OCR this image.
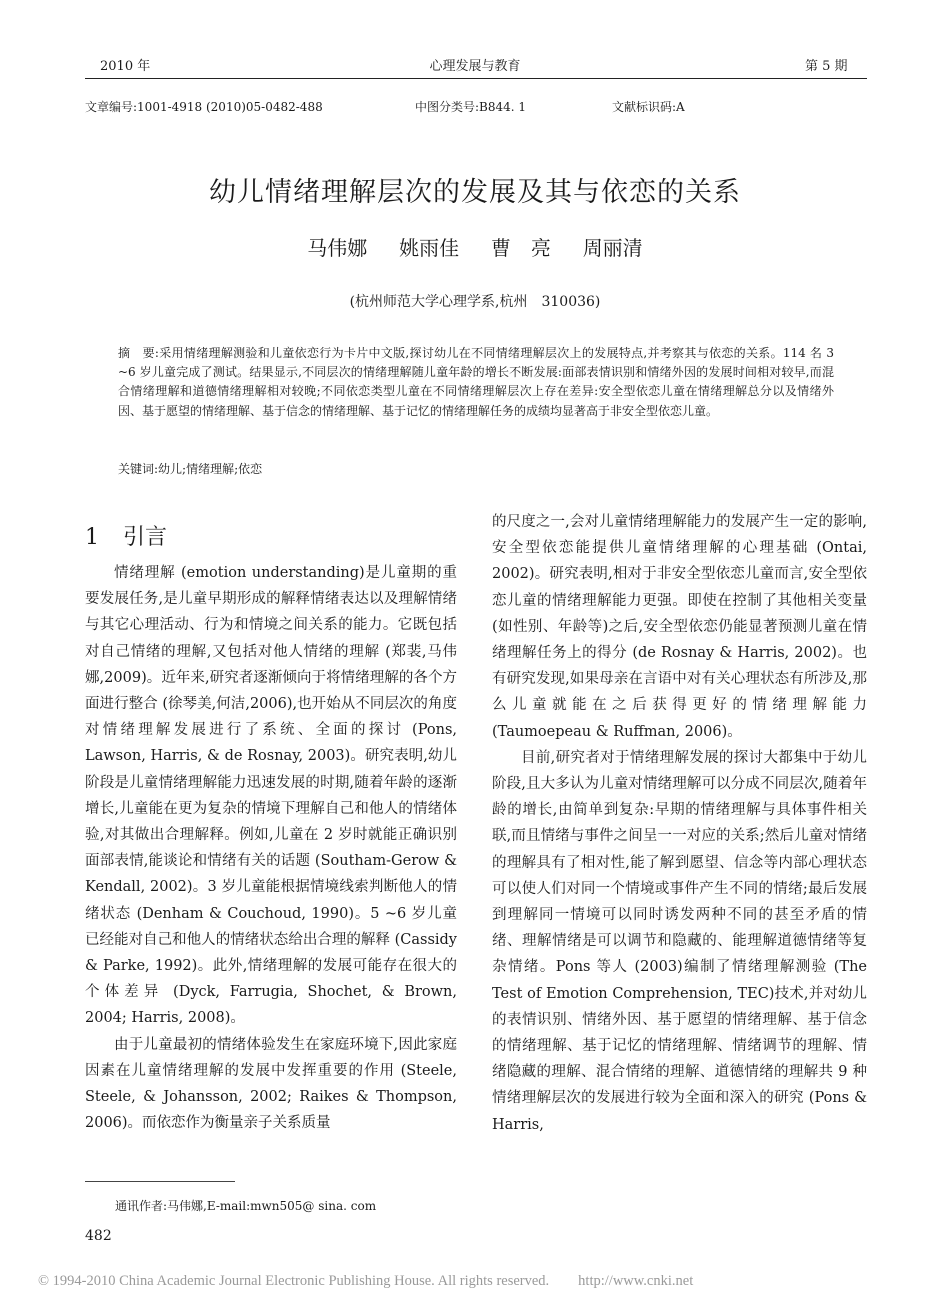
2010 年	心理发展与教育	第 5 期
文章编号:1001-4918 (2010)05-0482-488	中图分类号:B844. 1	文献标识码:A
幼儿情绪理解层次的发展及其与依恋的关系
马伟娜 姚雨佳 曹　亮 周丽清
(杭州师范大学心理学系,杭州　310036)
摘　要:采用情绪理解测验和儿童依恋行为卡片中文版,探讨幼儿在不同情绪理解层次上的发展特点,并考察其与依恋的关系。114 名 3 ~6 岁儿童完成了测试。结果显示,不同层次的情绪理解随儿童年龄的增长不断发展:面部表情识别和情绪外因的发展时间相对较早,而混合情绪理解和道德情绪理解相对较晚;不同依恋类型儿童在不同情绪理解层次上存在差异:安全型依恋儿童在情绪理解总分以及情绪外因、基于愿望的情绪理解、基于信念的情绪理解、基于记忆的情绪理解任务的成绩均显著高于非安全型依恋儿童。
关键词:幼儿;情绪理解;依恋
1 引言

情绪理解 (emotion understanding)是儿童期的重要发展任务,是儿童早期形成的解释情绪表达以及理解情绪与其它心理活动、行为和情境之间关系的能力。它既包括对自己情绪的理解,又包括对他人情绪的理解 (郑裴,马伟娜,2009)。近年来,研究者逐渐倾向于将情绪理解的各个方面进行整合 (徐琴美,何洁,2006),也开始从不同层次的角度对情绪理解发展进行了系统、全面的探讨 (Pons, Lawson, Harris, & de Rosnay, 2003)。研究表明,幼儿阶段是儿童情绪理解能力迅速发展的时期,随着年龄的逐渐增长,儿童能在更为复杂的情境下理解自己和他人的情绪体验,对其做出合理解释。例如,儿童在 2 岁时就能正确识别面部表情,能谈论和情绪有关的话题 (Southam-Gerow & Kendall, 2002)。3 岁儿童能根据情境线索判断他人的情绪状态 (Denham & Couchoud, 1990)。5 ~6 岁儿童已经能对自己和他人的情绪状态给出合理的解释 (Cassidy & Parke, 1992)。此外,情绪理解的发展可能存在很大的个体差异 (Dyck, Farrugia, Shochet, & Brown, 2004; Harris, 2008)。

由于儿童最初的情绪体验发生在家庭环境下,因此家庭因素在儿童情绪理解的发展中发挥重要的作用 (Steele, Steele, & Johansson, 2002; Raikes & Thompson, 2006)。而依恋作为衡量亲子关系质量

的尺度之一,会对儿童情绪理解能力的发展产生一定的影响,安全型依恋能提供儿童情绪理解的心理基础 (Ontai, 2002)。研究表明,相对于非安全型依恋儿童而言,安全型依恋儿童的情绪理解能力更强。即使在控制了其他相关变量 (如性别、年龄等)之后,安全型依恋仍能显著预测儿童在情绪理解任务上的得分 (de Rosnay & Harris, 2002)。也有研究发现,如果母亲在言语中对有关心理状态有所涉及,那么儿童就能在之后获得更好的情绪理解能力 (Taumoepeau & Ruffman, 2006)。

目前,研究者对于情绪理解发展的探讨大都集中于幼儿阶段,且大多认为儿童对情绪理解可以分成不同层次,随着年龄的增长,由简单到复杂:早期的情绪理解与具体事件相关联,而且情绪与事件之间呈一一对应的关系;然后儿童对情绪的理解具有了相对性,能了解到愿望、信念等内部心理状态可以使人们对同一个情境或事件产生不同的情绪;最后发展到理解同一情境可以同时诱发两种不同的甚至矛盾的情绪、理解情绪是可以调节和隐藏的、能理解道德情绪等复杂情绪。Pons 等人 (2003)编制了情绪理解测验 (The Test of Emotion Comprehension, TEC)技术,并对幼儿的表情识别、情绪外因、基于愿望的情绪理解、基于信念的情绪理解、基于记忆的情绪理解、情绪调节的理解、情绪隐藏的理解、混合情绪的理解、道德情绪的理解共 9 种情绪理解层次的发展进行较为全面和深入的研究 (Pons & Harris,

通讯作者:马伟娜,E-mail:mwn505@ sina. com
482
© 1994-2010 China Academic Journal Electronic Publishing House. All rights reserved.　　http://www.cnki.net
